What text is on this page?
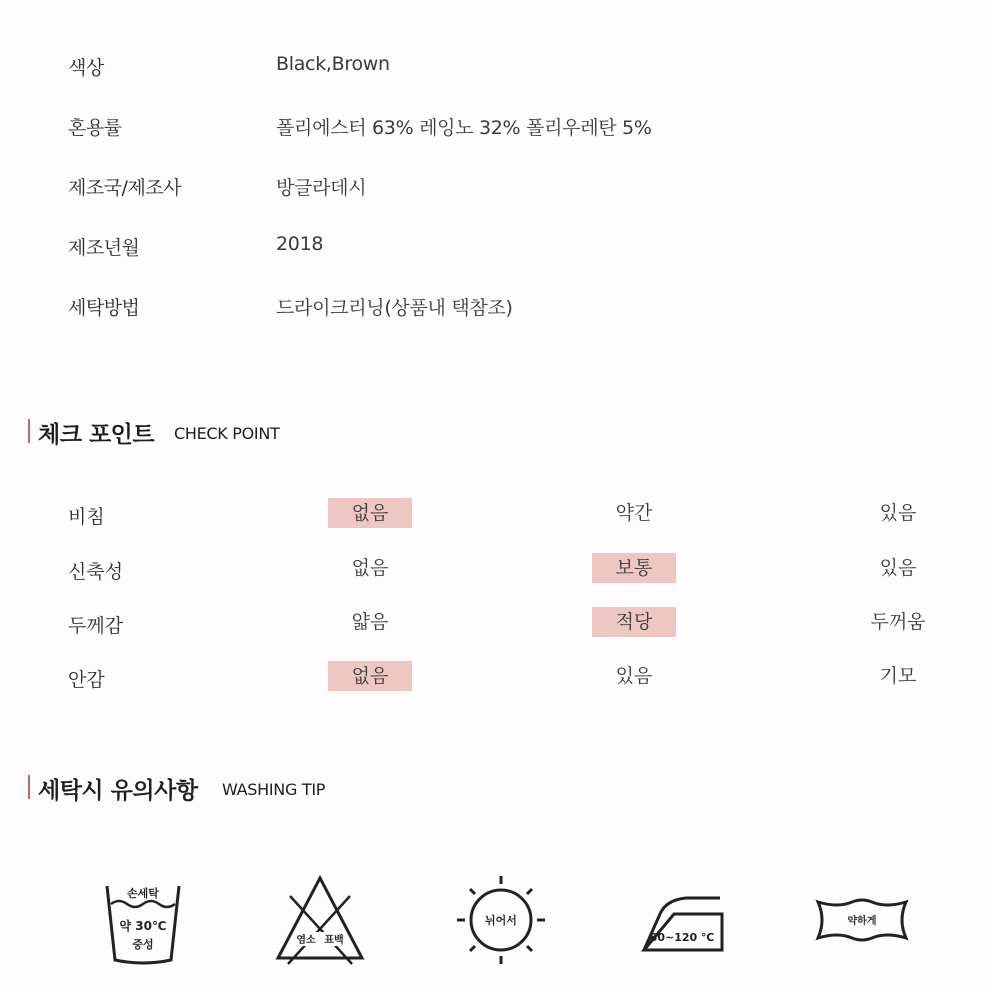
색상	Black,Brown
혼용률	폴리에스터 63% 레잉노 32% 폴리우레탄 5%
제조국/제조사	방글라데시
제조년월	2018
세탁방법	드라이크리닝(상품내 택참조)
체크 포인트 CHECK POINT
비침	없음	약간	있음
신축성	없음	보통	있음
두께감	얇음	적당	두꺼움
안감	없음	있음	기모
세탁시 유의사항 WASHING TIP
손세탁
약 30℃
중성	염소 표백
뉘어서
80~120 ℃
약하게
